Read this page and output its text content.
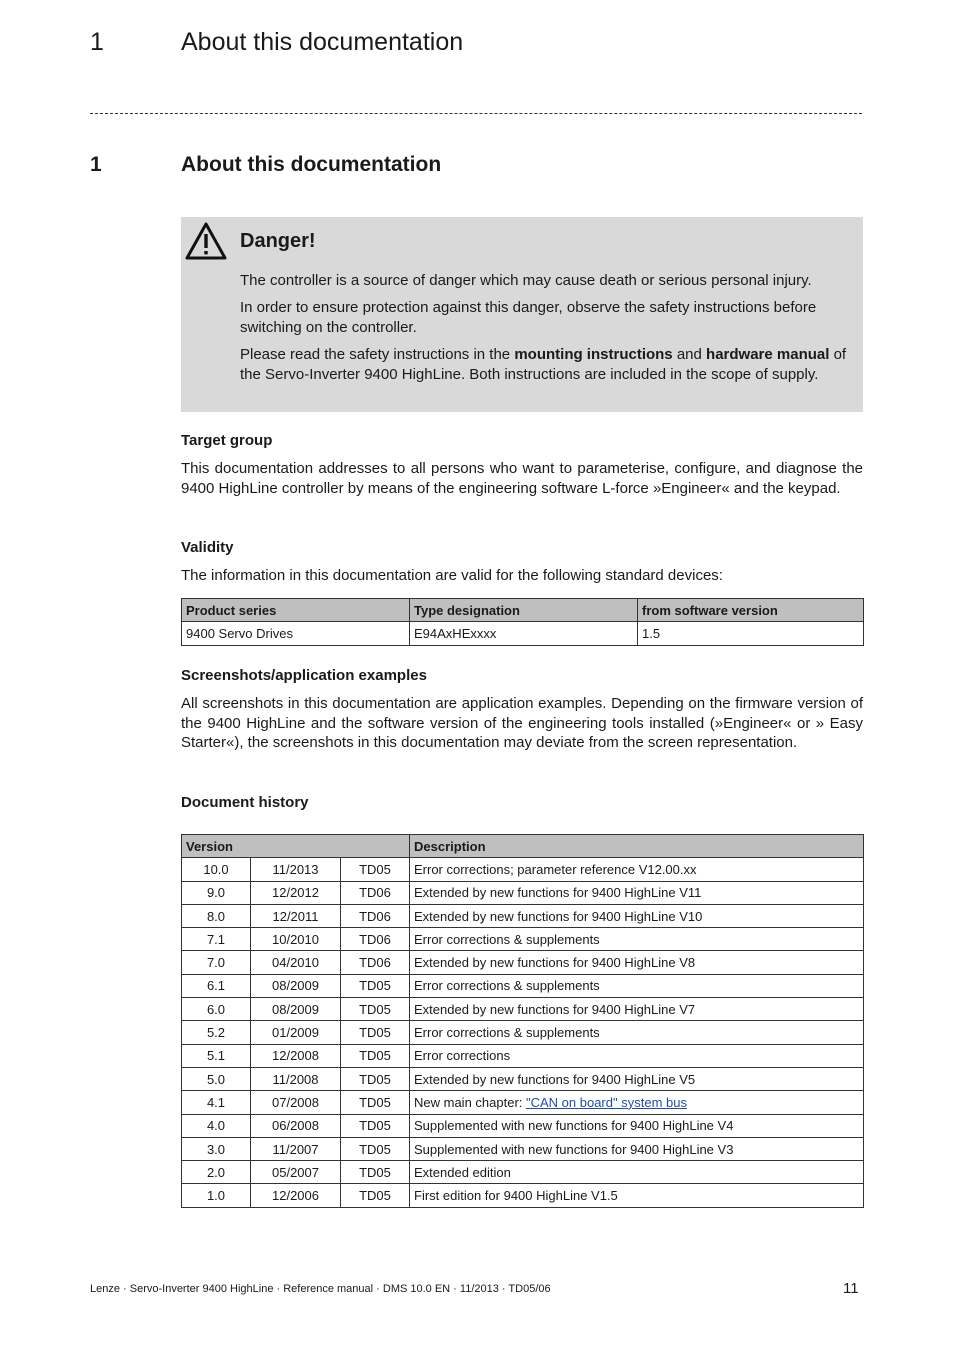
1	About this documentation
1	About this documentation
Danger!
The controller is a source of danger which may cause death or serious personal injury.
In order to ensure protection against this danger, observe the safety instructions before switching on the controller.
Please read the safety instructions in the mounting instructions and hardware manual of the Servo-Inverter 9400 HighLine. Both instructions are included in the scope of supply.
Target group
This documentation addresses to all persons who want to parameterise, configure, and diagnose the 9400 HighLine controller by means of the engineering software L-force »Engineer« and the keypad.
Validity
The information in this documentation are valid for the following standard devices:
Product series	Type designation	from software version
9400 Servo Drives	E94AxHExxxx	1.5
Screenshots/application examples
All screenshots in this documentation are application examples. Depending on the firmware version of the 9400 HighLine and the software version of the engineering tools installed (»Engineer« or » Easy Starter«), the screenshots in this documentation may deviate from the screen representation.
Document history
Version			Description
10.0	11/2013	TD05	Error corrections; parameter reference V12.00.xx
9.0	12/2012	TD06	Extended by new functions for 9400 HighLine V11
8.0	12/2011	TD06	Extended by new functions for 9400 HighLine V10
7.1	10/2010	TD06	Error corrections & supplements
7.0	04/2010	TD06	Extended by new functions for 9400 HighLine V8
6.1	08/2009	TD05	Error corrections & supplements
6.0	08/2009	TD05	Extended by new functions for 9400 HighLine V7
5.2	01/2009	TD05	Error corrections & supplements
5.1	12/2008	TD05	Error corrections
5.0	11/2008	TD05	Extended by new functions for 9400 HighLine V5
4.1	07/2008	TD05	New main chapter: "CAN on board" system bus
4.0	06/2008	TD05	Supplemented with new functions for 9400 HighLine V4
3.0	11/2007	TD05	Supplemented with new functions for 9400 HighLine V3
2.0	05/2007	TD05	Extended edition
1.0	12/2006	TD05	First edition for 9400 HighLine V1.5
Lenze · Servo-Inverter 9400 HighLine · Reference manual · DMS 10.0 EN · 11/2013 · TD05/06	11
